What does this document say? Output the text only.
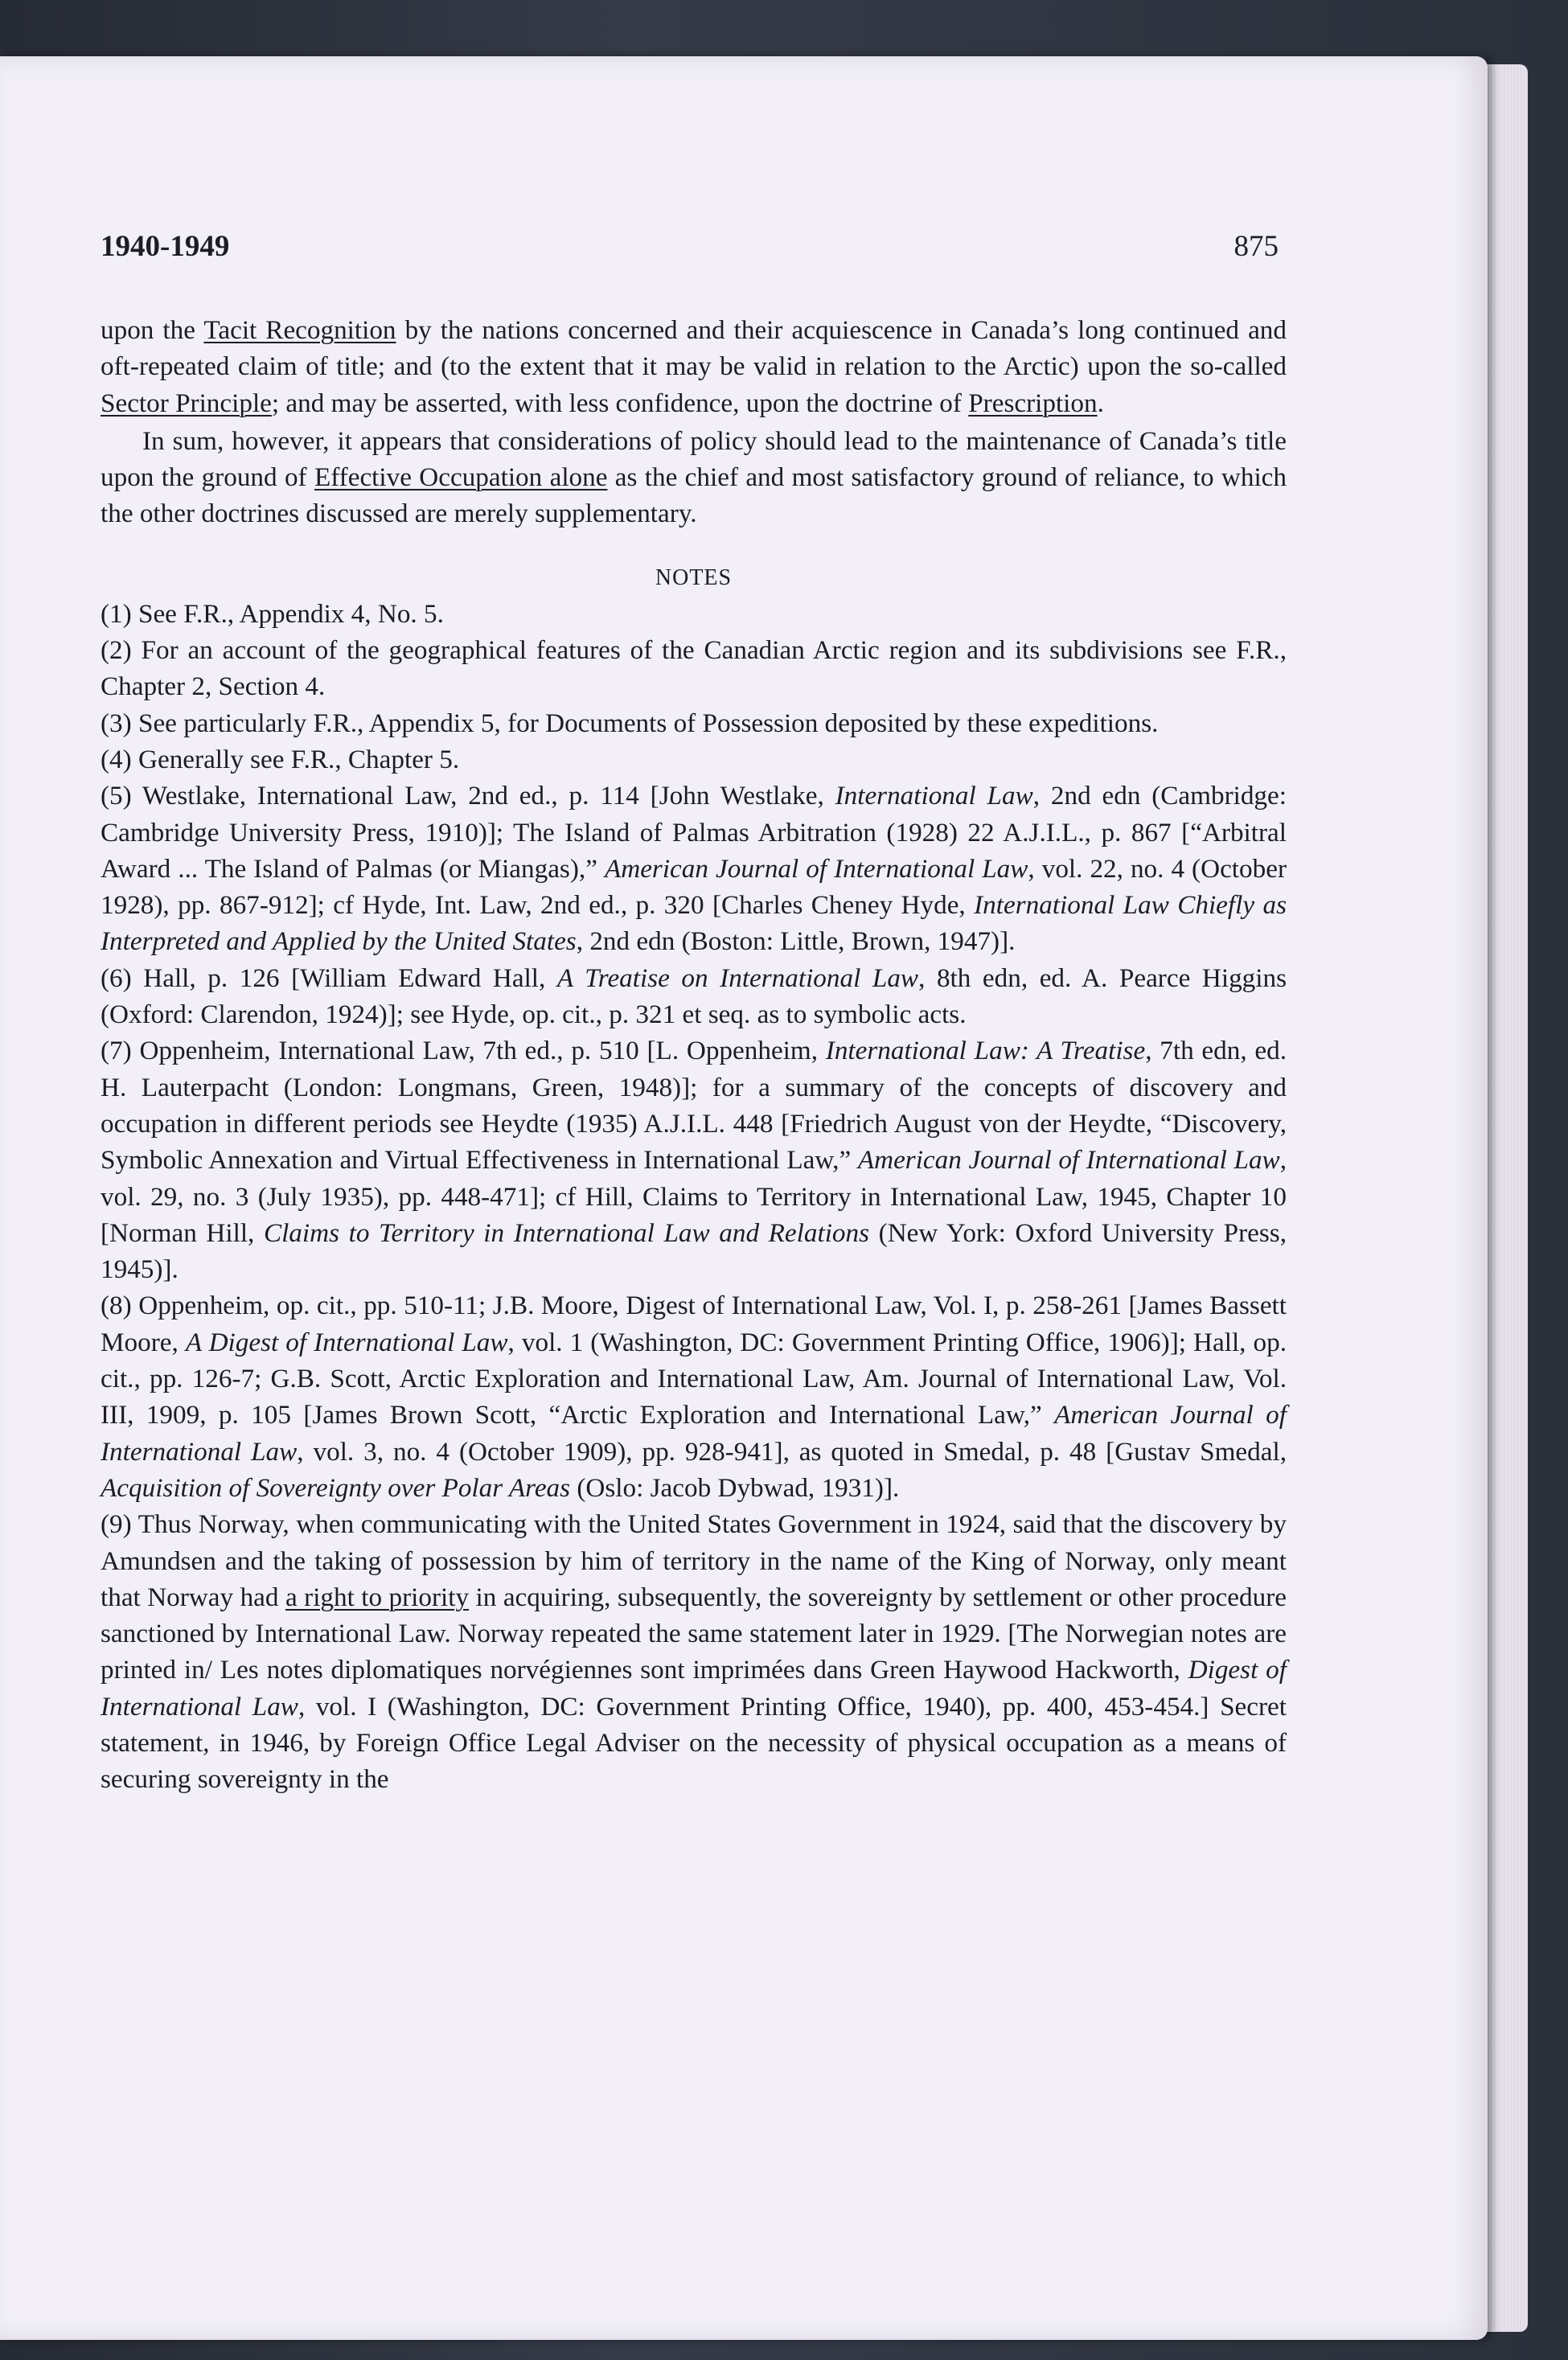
1940-1949	875

upon the Tacit Recognition by the nations concerned and their acquiescence in Canada’s long continued and oft-repeated claim of title; and (to the extent that it may be valid in relation to the Arctic) upon the so-called Sector Principle; and may be asserted, with less confidence, upon the doctrine of Prescription.

In sum, however, it appears that considerations of policy should lead to the maintenance of Canada’s title upon the ground of Effective Occupation alone as the chief and most satisfactory ground of reliance, to which the other doctrines discussed are merely supplementary.

NOTES

(1) See F.R., Appendix 4, No. 5.

(2) For an account of the geographical features of the Canadian Arctic region and its subdivisions see F.R., Chapter 2, Section 4.

(3) See particularly F.R., Appendix 5, for Documents of Possession deposited by these expeditions.

(4) Generally see F.R., Chapter 5.

(5) Westlake, International Law, 2nd ed., p. 114 [John Westlake, International Law, 2nd edn (Cambridge: Cambridge University Press, 1910)]; The Island of Palmas Arbitration (1928) 22 A.J.I.L., p. 867 [“Arbitral Award ... The Island of Palmas (or Miangas),” American Journal of International Law, vol. 22, no. 4 (October 1928), pp. 867-912]; cf Hyde, Int. Law, 2nd ed., p. 320 [Charles Cheney Hyde, International Law Chiefly as Interpreted and Applied by the United States, 2nd edn (Boston: Little, Brown, 1947)].

(6) Hall, p. 126 [William Edward Hall, A Treatise on International Law, 8th edn, ed. A. Pearce Higgins (Oxford: Clarendon, 1924)]; see Hyde, op. cit., p. 321 et seq. as to symbolic acts.

(7) Oppenheim, International Law, 7th ed., p. 510 [L. Oppenheim, International Law: A Treatise, 7th edn, ed. H. Lauterpacht (London: Longmans, Green, 1948)]; for a summary of the concepts of discovery and occupation in different periods see Heydte (1935) A.J.I.L. 448 [Friedrich August von der Heydte, “Discovery, Symbolic Annexation and Virtual Effectiveness in International Law,” American Journal of International Law, vol. 29, no. 3 (July 1935), pp. 448-471]; cf Hill, Claims to Territory in International Law, 1945, Chapter 10 [Norman Hill, Claims to Territory in International Law and Relations (New York: Oxford University Press, 1945)].

(8) Oppenheim, op. cit., pp. 510-11; J.B. Moore, Digest of International Law, Vol. I, p. 258-261 [James Bassett Moore, A Digest of International Law, vol. 1 (Washington, DC: Government Printing Office, 1906)]; Hall, op. cit., pp. 126-7; G.B. Scott, Arctic Exploration and International Law, Am. Journal of International Law, Vol. III, 1909, p. 105 [James Brown Scott, “Arctic Exploration and International Law,” American Journal of International Law, vol. 3, no. 4 (October 1909), pp. 928-941], as quoted in Smedal, p. 48 [Gustav Smedal, Acquisition of Sovereignty over Polar Areas (Oslo: Jacob Dybwad, 1931)].

(9) Thus Norway, when communicating with the United States Government in 1924, said that the discovery by Amundsen and the taking of possession by him of territory in the name of the King of Norway, only meant that Norway had a right to priority in acquiring, subsequently, the sovereignty by settlement or other procedure sanctioned by International Law. Norway repeated the same statement later in 1929. [The Norwegian notes are printed in/ Les notes diplomatiques norvégiennes sont imprimées dans Green Haywood Hackworth, Digest of International Law, vol. I (Washington, DC: Government Printing Office, 1940), pp. 400, 453-454.] Secret statement, in 1946, by Foreign Office Legal Adviser on the necessity of physical occupation as a means of securing sovereignty in the
